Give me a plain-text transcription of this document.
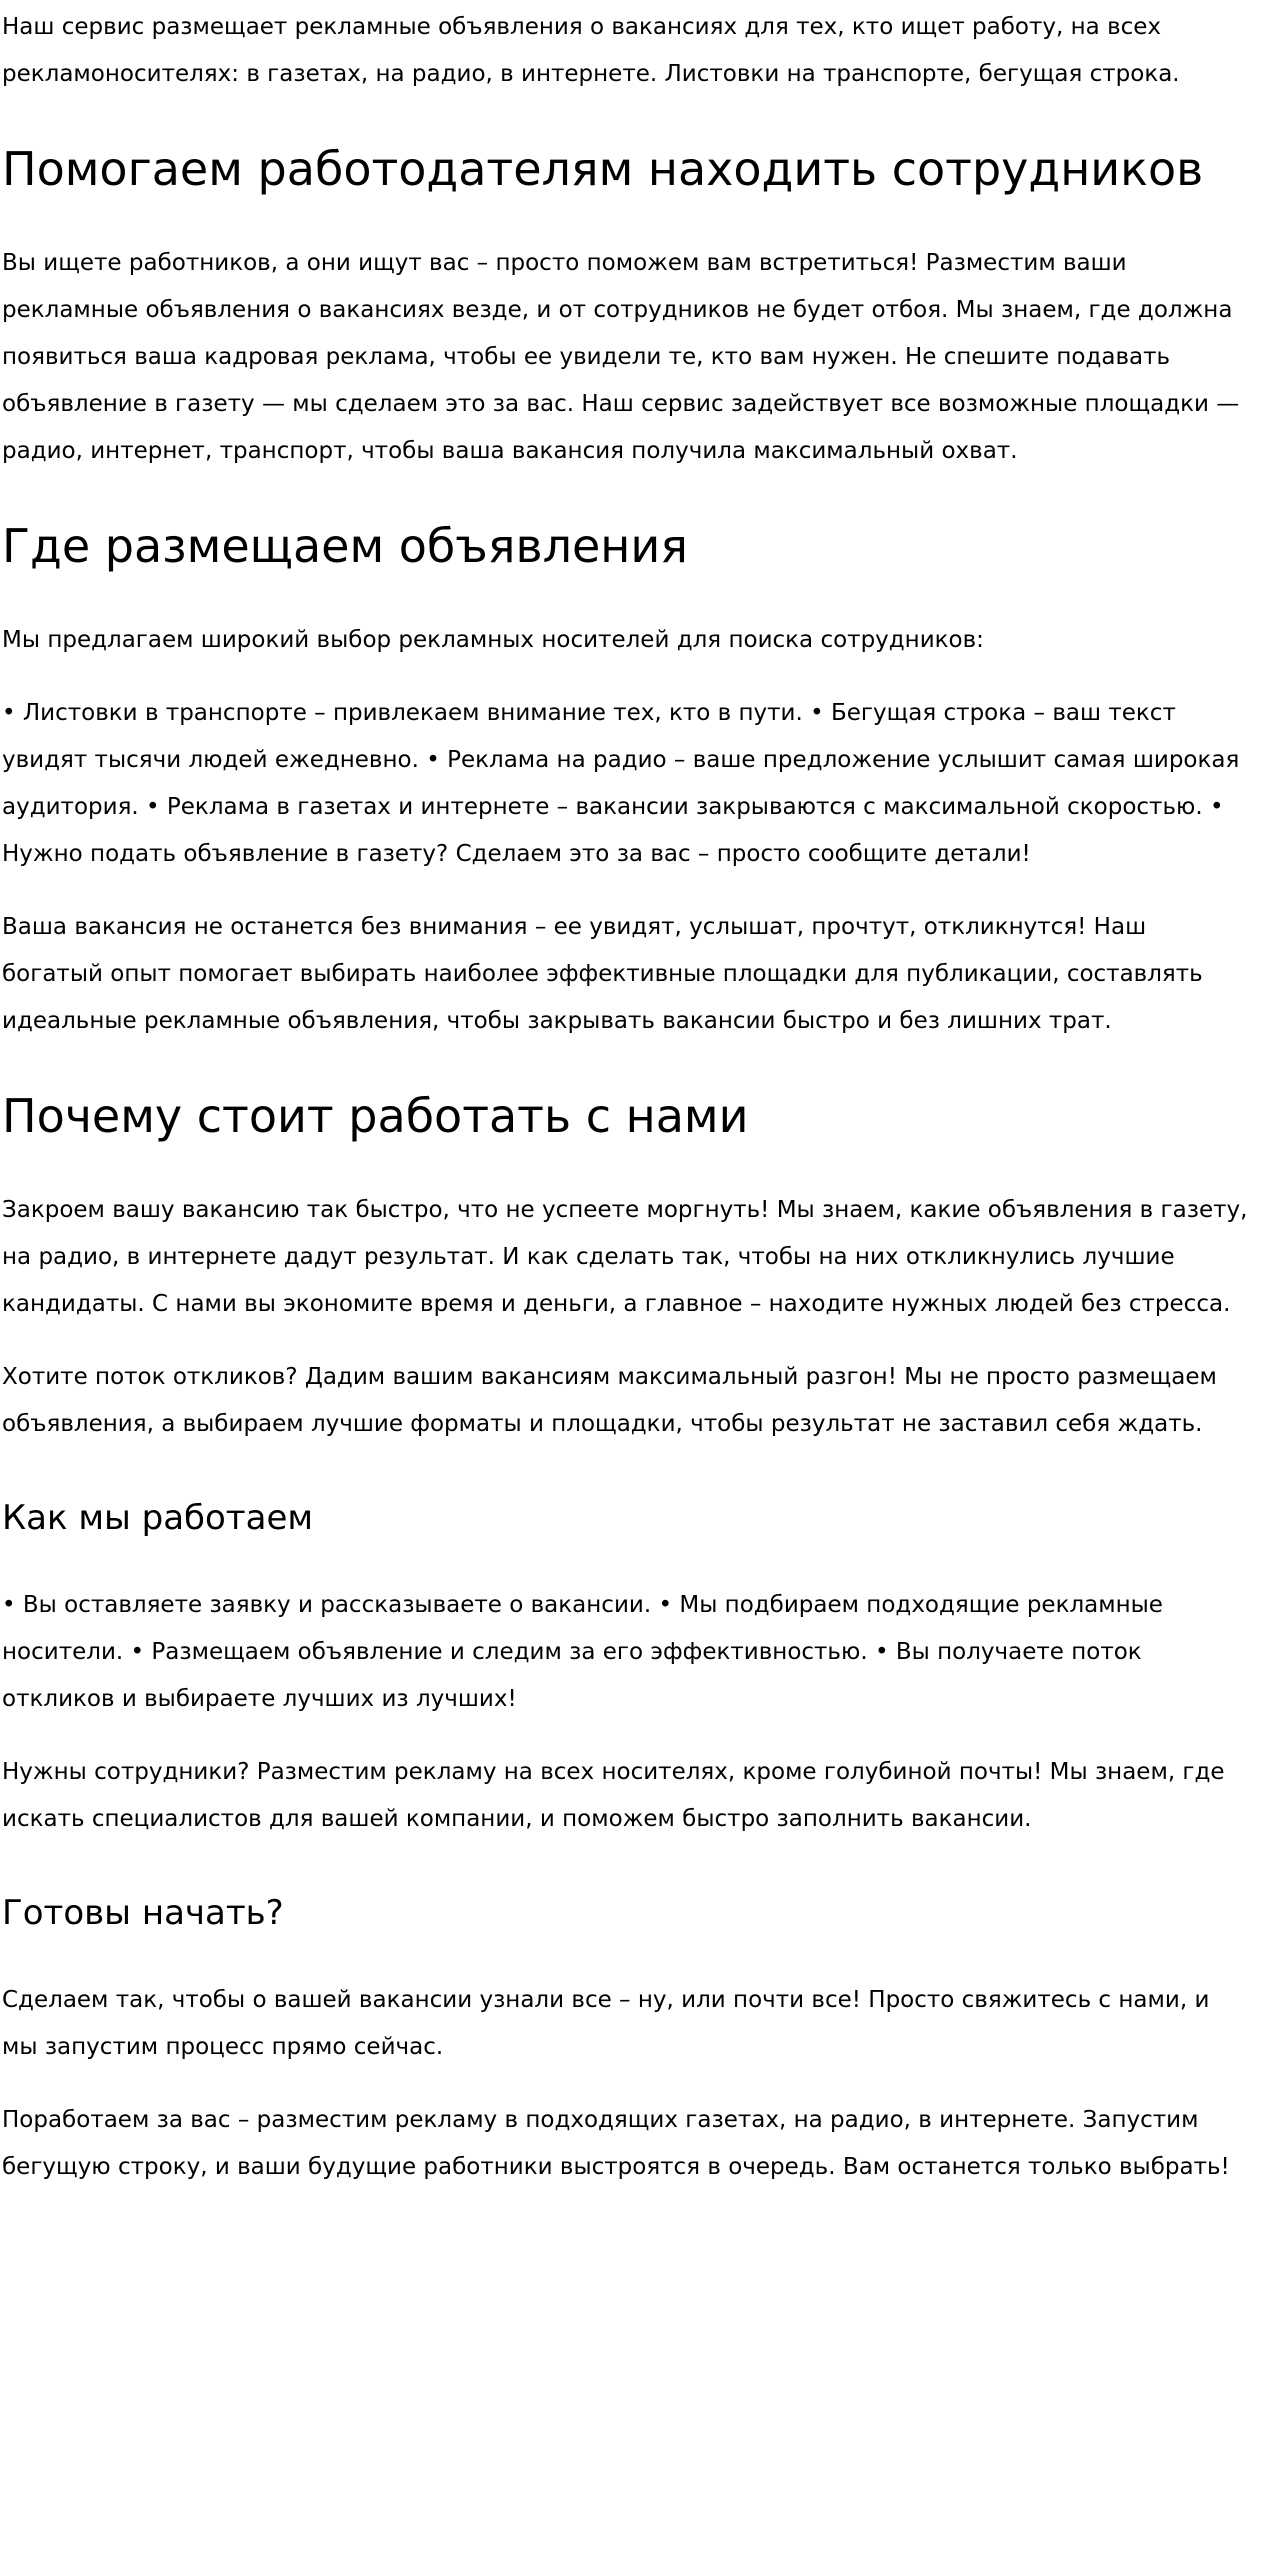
Наш сервис размещает рекламные объявления о вакансиях для тех, кто ищет работу, на всех рекламоносителях: в газетах, на радио, в интернете. Листовки на транспорте, бегущая строка.

Помогаем работодателям находить сотрудников

Вы ищете работников, а они ищут вас – просто поможем вам встретиться! Разместим ваши рекламные объявления о вакансиях везде, и от сотрудников не будет отбоя. Мы знаем, где должна появиться ваша кадровая реклама, чтобы ее увидели те, кто вам нужен. Не спешите подавать объявление в газету — мы сделаем это за вас. Наш сервис задействует все возможные площадки — радио, интернет, транспорт, чтобы ваша вакансия получила максимальный охват.

Где размещаем объявления

Мы предлагаем широкий выбор рекламных носителей для поиска сотрудников:

• Листовки в транспорте – привлекаем внимание тех, кто в пути. • Бегущая строка – ваш текст увидят тысячи людей ежедневно. • Реклама на радио – ваше предложение услышит самая широкая аудитория. • Реклама в газетах и интернете – вакансии закрываются с максимальной скоростью. • Нужно подать объявление в газету? Сделаем это за вас – просто сообщите детали!

Ваша вакансия не останется без внимания – ее увидят, услышат, прочтут, откликнутся! Наш богатый опыт помогает выбирать наиболее эффективные площадки для публикации, составлять идеальные рекламные объявления, чтобы закрывать вакансии быстро и без лишних трат.

Почему стоит работать с нами

Закроем вашу вакансию так быстро, что не успеете моргнуть! Мы знаем, какие объявления в газету, на радио, в интернете дадут результат. И как сделать так, чтобы на них откликнулись лучшие кандидаты. С нами вы экономите время и деньги, а главное – находите нужных людей без стресса.

Хотите поток откликов? Дадим вашим вакансиям максимальный разгон! Мы не просто размещаем объявления, а выбираем лучшие форматы и площадки, чтобы результат не заставил себя ждать.

Как мы работаем

• Вы оставляете заявку и рассказываете о вакансии. • Мы подбираем подходящие рекламные носители. • Размещаем объявление и следим за его эффективностью. • Вы получаете поток откликов и выбираете лучших из лучших!

Нужны сотрудники? Разместим рекламу на всех носителях, кроме голубиной почты! Мы знаем, где искать специалистов для вашей компании, и поможем быстро заполнить вакансии.

Готовы начать?

Сделаем так, чтобы о вашей вакансии узнали все – ну, или почти все! Просто свяжитесь с нами, и мы запустим процесс прямо сейчас.

Поработаем за вас – разместим рекламу в подходящих газетах, на радио, в интернете. Запустим бегущую строку, и ваши будущие работники выстроятся в очередь. Вам останется только выбрать!
